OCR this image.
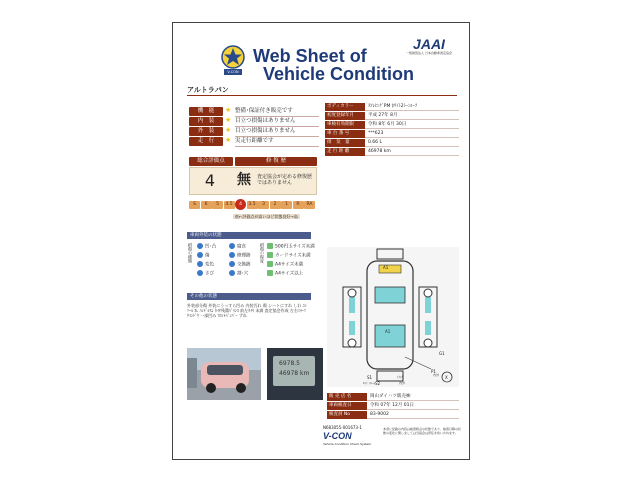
V-CON
Web Sheet of
Vehicle Condition
JAAI
一般財団法人 日本自動車査定協会
アルトラパン
総合評価点	修 復 歴
4	無 査定協会が定める修復歴ではありません
低←評価点が高いほど状態良好→高
車両外装の状態
損傷の種類	損傷の程度
その他の状態
外装部分傷 外装にうっすら凹み 内装汚れ 傷 シートにすれ しわ ｺﾝｿｰﾙ ｽﾚ ﾊﾝﾄﾞﾙｽﾚ ﾀｲﾔ残溝ﾊﾞﾗﾝｽ 前左ﾀｲﾔ 未満 査定協会作成 左右ﾐﾗｰﾏｳｲﾝﾄﾞｳ 一部凹み ﾌﾛﾝﾄﾊﾞﾝﾊﾟｰ ずれ
6978.5
46978 km
A1
A1
G1
P1
S1
S2
X
内外
ｴﾝｼﾞﾝﾙｰﾑ	内外
ﾄﾗﾝｸ
N683055-001673-1
V-CON
Vehicle Condition Check System
本書に記載の内容は検査時点の状態であり、検査以降の状態の変化に関しましては当協会は責任を負いかねます。
機　能	★ 整備･保証付き販売です
内　装	★ 目立つ損傷はありません
外　装	★ 目立つ損傷はありません
走　行	★ 実走行距離です
ボディカラー	ｽﾌﾚﾋﾝｸﾞPM ﾎﾜｲﾄ2ﾄｰﾝﾙｰﾌ
初度登録年月	平成 27年 8月
車検有効期限	令和 8年 6月 30日
車 台 番 号	***623
排　気　量	0.66 L
走 行 距 離	46978 km
S	6	5	4.5	4	3.5	3	2	1	R	RA
凹･凸
傷
変色
さび
腐食
修理跡
交換跡
割･穴
500円玉サイズ未満
カードサイズ未満
A4サイズ未満
A4サイズ以上
販 売 店 名	岡山ダイハツ販売㈱
車両検査日	令和 07年 12月 01日
検査員 No	83-9002
